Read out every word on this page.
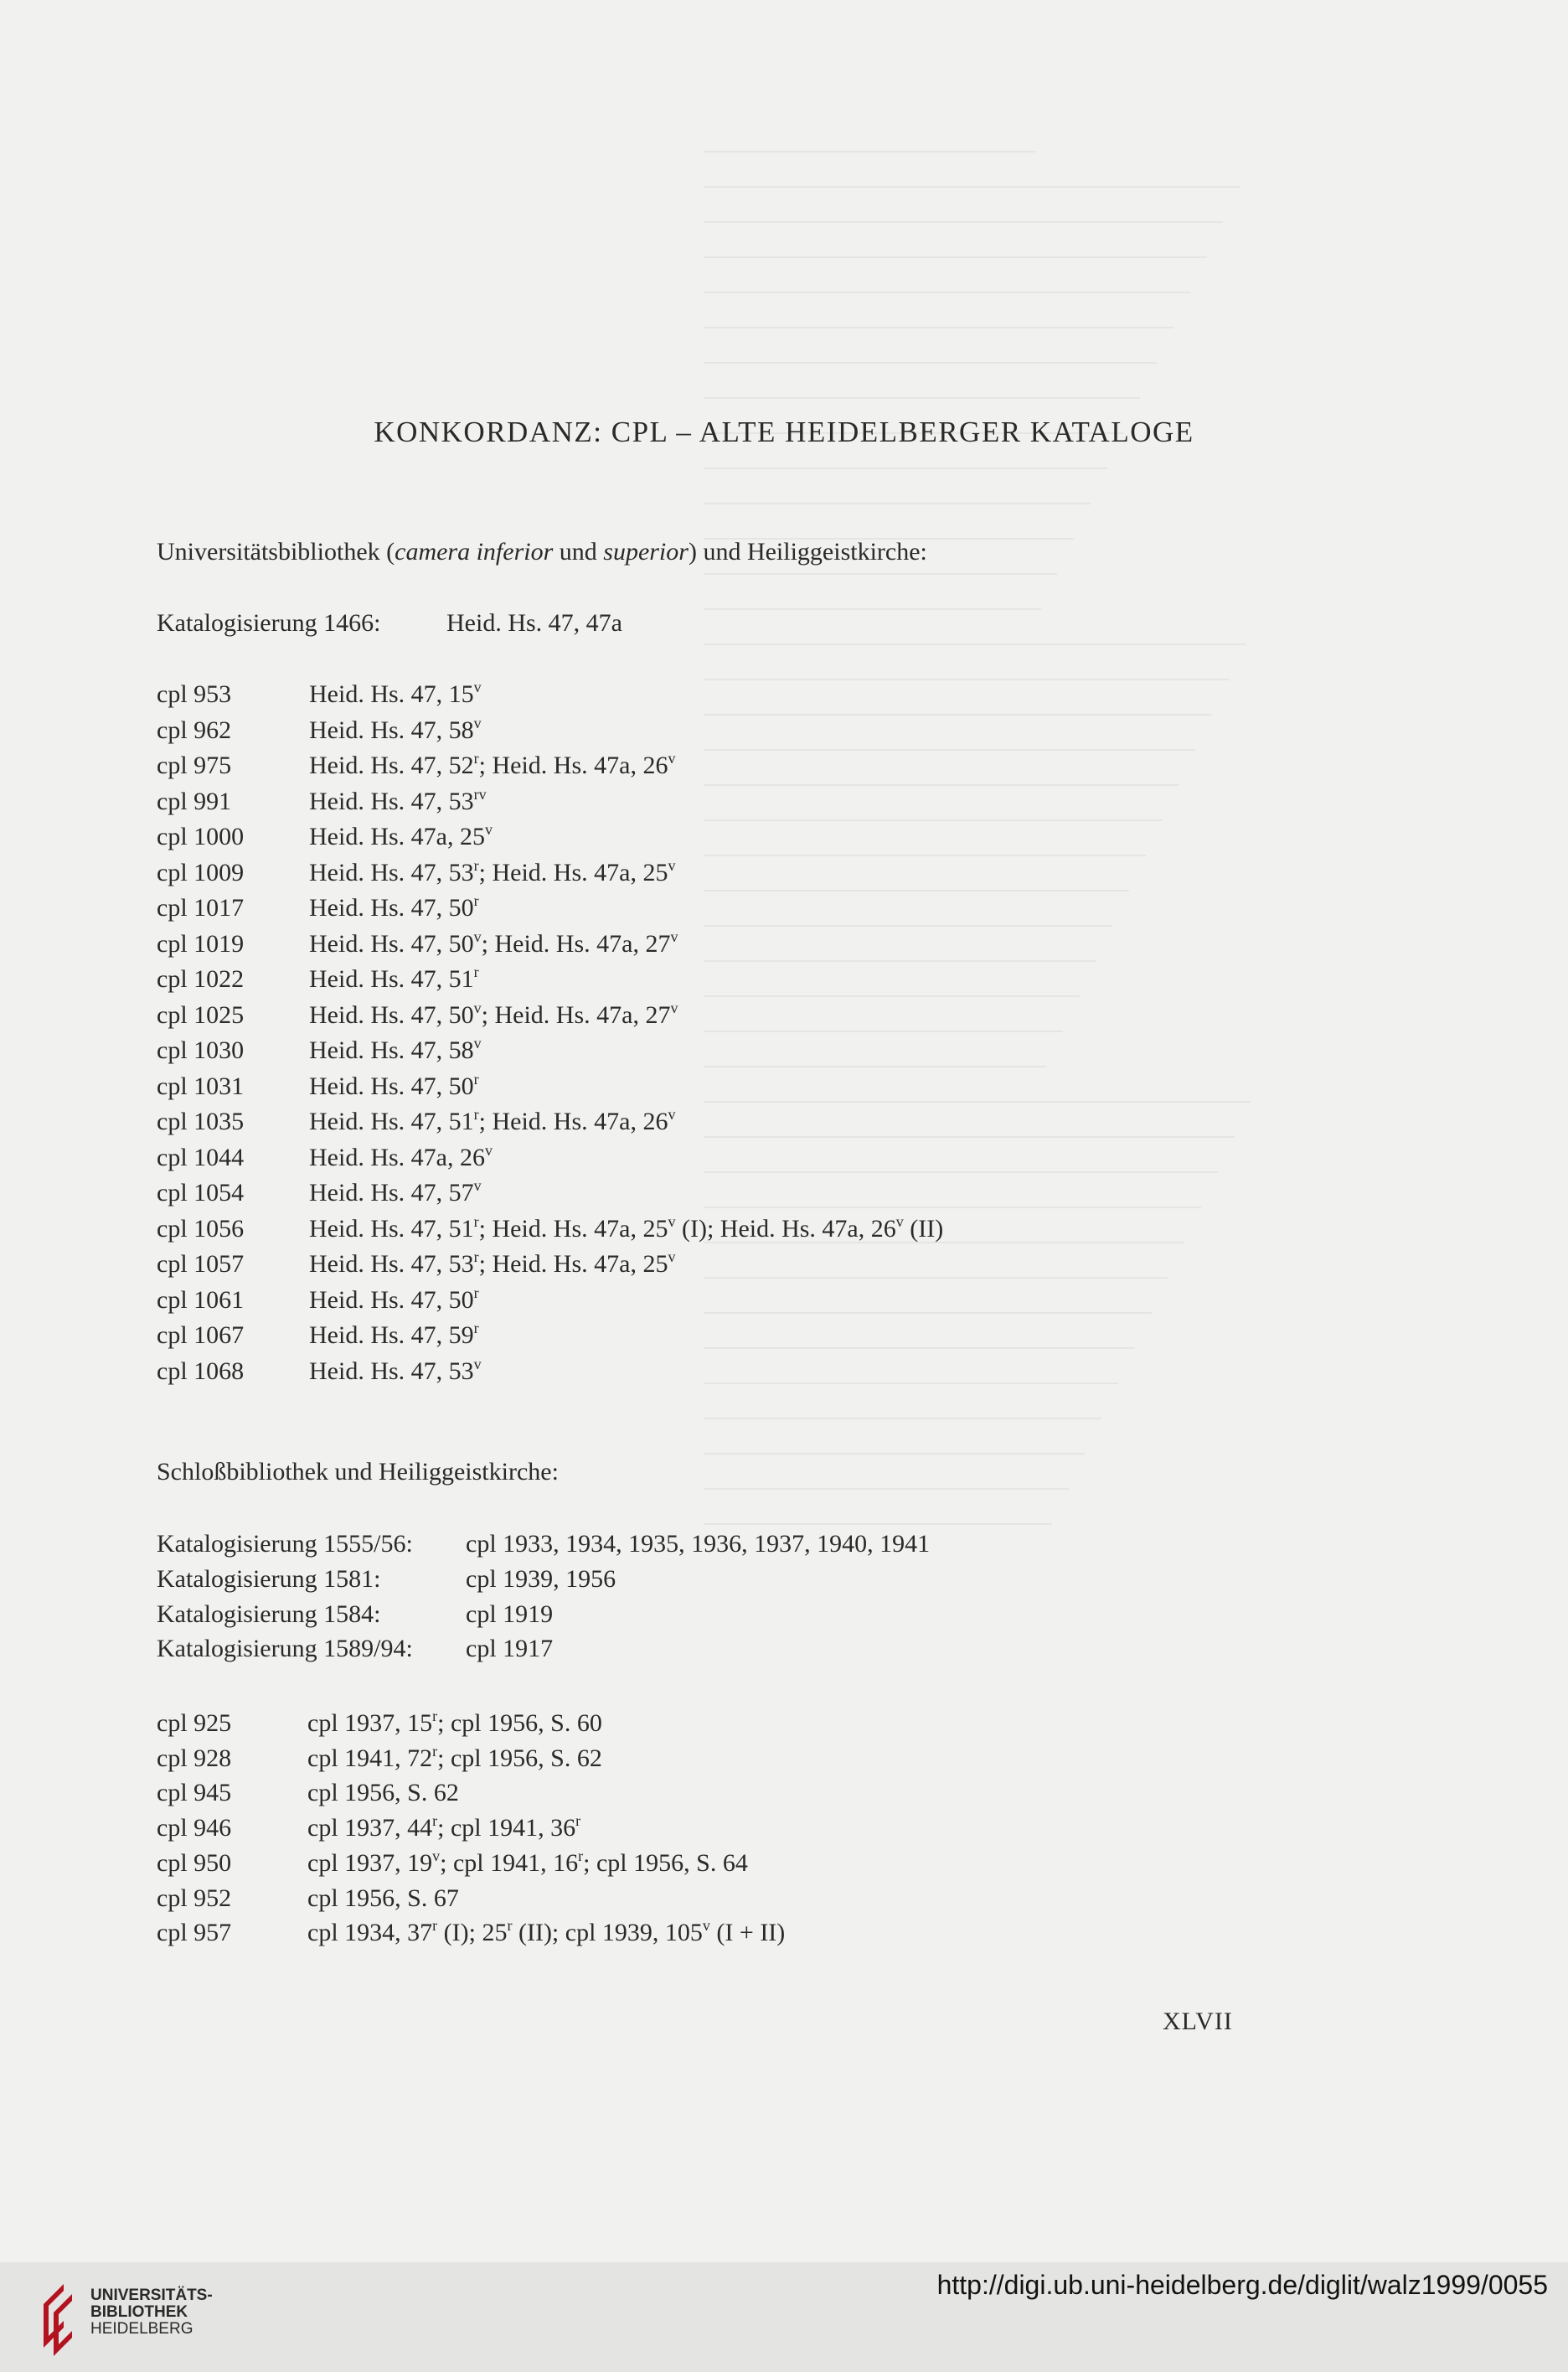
KONKORDANZ: CPL – ALTE HEIDELBERGER KATALOGE
Universitätsbibliothek (camera inferior und superior) und Heiliggeistkirche:
Katalogisierung 1466:	Heid. Hs. 47, 47a
cpl 953	Heid. Hs. 47, 15$^v$
cpl 962	Heid. Hs. 47, 58$^v$
cpl 975	Heid. Hs. 47, 52$^r$; Heid. Hs. 47a, 26$^v$
cpl 991	Heid. Hs. 47, $53^{rv}$
cpl 1000	Heid. Hs. 47a, 25$^v$
cpl 1009	Heid. Hs. 47, 53$^r$; Heid. Hs. 47a, 25$^v$
cpl 1017	Heid. Hs. 47, 50$^r$
cpl 1019	Heid. Hs. 47, 50$^v$; Heid. Hs. 47a, 27$^v$
cpl 1022	Heid. Hs. 47, 51$^r$
cpl 1025	Heid. Hs. 47, 50$^v$; Heid. Hs. 47a, 27$^v$
cpl 1030	Heid. Hs. 47, 58$^v$
cpl 1031	Heid. Hs. 47, 50$^r$
cpl 1035	Heid. Hs. 47, 51$^r$; Heid. Hs. 47a, 26$^v$
cpl 1044	Heid. Hs. 47a, 26$^v$
cpl 1054	Heid. Hs. 47, 57$^v$
cpl 1056	Heid. Hs. 47, 51$^r$; Heid. Hs. 47a, 25$^v$ (I); Heid. Hs. 47a, 26$^v$ (II)
cpl 1057	Heid. Hs. 47, 53$^r$; Heid. Hs. 47a, 25$^v$
cpl 1061	Heid. Hs. 47, 50$^r$
cpl 1067	Heid. Hs. 47, 59$^r$
cpl 1068	Heid. Hs. 47, 53$^v$
Schloßbibliothek und Heiliggeistkirche:
Katalogisierung 1555/56: cpl 1933, 1934, 1935, 1936, 1937, 1940, 1941
Katalogisierung 1581:	cpl 1939, 1956
Katalogisierung 1584:	cpl 1919
Katalogisierung 1589/94: cpl 1917
cpl 925	cpl 1937, 15$^r$; cpl 1956, S. 60
cpl 928	cpl 1941, 72$^r$; cpl 1956, S. 62
cpl 945	cpl 1956, S. 62
cpl 946	cpl 1937, 44$^r$; cpl 1941, 36$^r$
cpl 950	cpl 1937, 19$^v$; cpl 1941, 16$^r$; cpl 1956, S. 64
cpl 952	cpl 1956, S. 67
cpl 957	cpl 1934, 37$^r$ (I); 25$^r$ (II); cpl 1939, 105$^v$ (I + II)
XLVII
UNIVERSITÄTS-
BIBLIOTHEK
HEIDELBERG
http://digi.ub.uni-heidelberg.de/diglit/walz1999/0055
